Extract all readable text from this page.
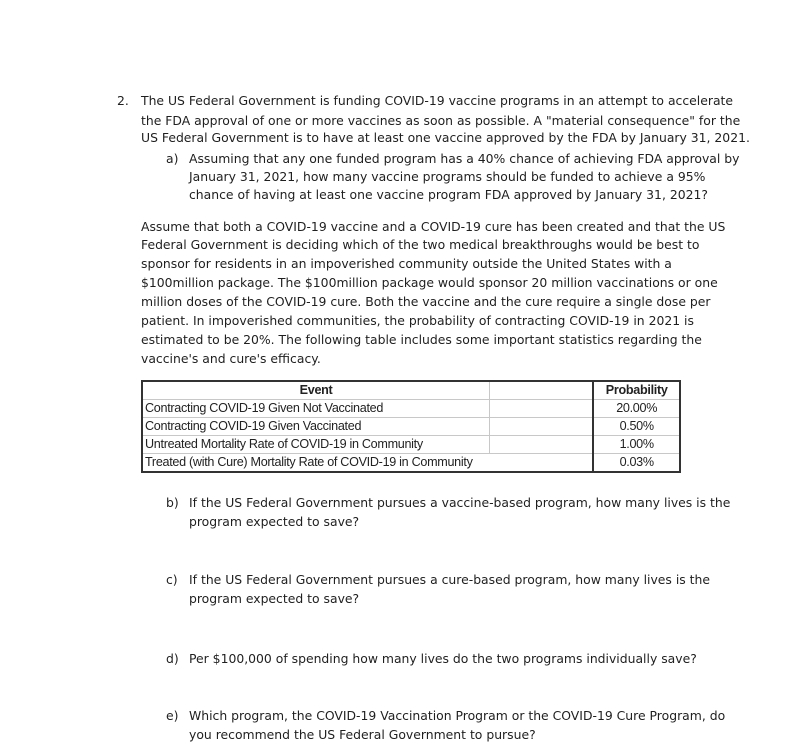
2. The US Federal Government is funding COVID-19 vaccine programs in an attempt to accelerate
the FDA approval of one or more vaccines as soon as possible. A "material consequence" for the
US Federal Government is to have at least one vaccine approved by the FDA by January 31, 2021.
a) Assuming that any one funded program has a 40% chance of achieving FDA approval by
January 31, 2021, how many vaccine programs should be funded to achieve a 95%
chance of having at least one vaccine program FDA approved by January 31, 2021?
Assume that both a COVID-19 vaccine and a COVID-19 cure has been created and that the US
Federal Government is deciding which of the two medical breakthroughs would be best to
sponsor for residents in an impoverished community outside the United States with a
$100million package. The $100million package would sponsor 20 million vaccinations or one
million doses of the COVID-19 cure. Both the vaccine and the cure require a single dose per
patient. In impoverished communities, the probability of contracting COVID-19 in 2021 is
estimated to be 20%. The following table includes some important statistics regarding the
vaccine's and cure's efficacy.
Event		Probability
Contracting COVID-19 Given Not Vaccinated		20.00%
Contracting COVID-19 Given Vaccinated		0.50%
Untreated Mortality Rate of COVID-19 in Community		1.00%
Treated (with Cure) Mortality Rate of COVID-19 in Community		0.03%
b) If the US Federal Government pursues a vaccine-based program, how many lives is the
program expected to save?
c) If the US Federal Government pursues a cure-based program, how many lives is the
program expected to save?
d) Per $100,000 of spending how many lives do the two programs individually save?
e) Which program, the COVID-19 Vaccination Program or the COVID-19 Cure Program, do
you recommend the US Federal Government to pursue?
